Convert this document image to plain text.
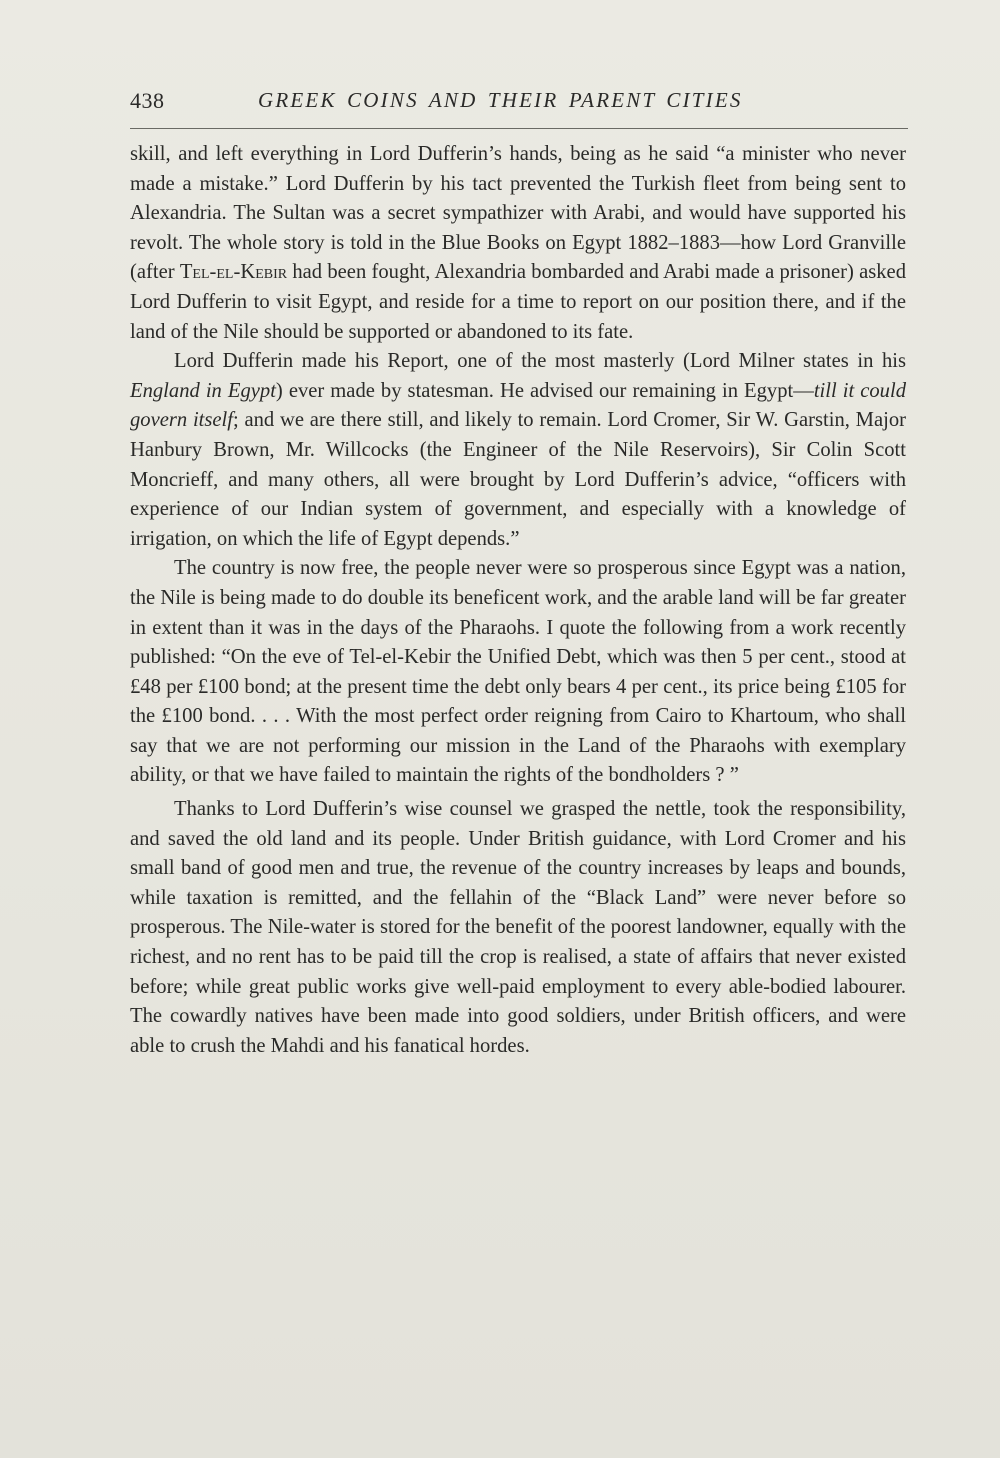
438	GREEK COINS AND THEIR PARENT CITIES

skill, and left everything in Lord Dufferin’s hands, being as he said “a minister who never made a mistake.” Lord Dufferin by his tact prevented the Turkish fleet from being sent to Alexandria. The Sultan was a secret sympathizer with Arabi, and would have supported his revolt. The whole story is told in the Blue Books on Egypt 1882–1883—how Lord Granville (after Tel-el-Kebir had been fought, Alexandria bombarded and Arabi made a prisoner) asked Lord Dufferin to visit Egypt, and reside for a time to report on our position there, and if the land of the Nile should be supported or abandoned to its fate.

Lord Dufferin made his Report, one of the most masterly (Lord Milner states in his England in Egypt) ever made by statesman. He advised our remaining in Egypt—till it could govern itself; and we are there still, and likely to remain. Lord Cromer, Sir W. Garstin, Major Hanbury Brown, Mr. Willcocks (the Engineer of the Nile Reservoirs), Sir Colin Scott Moncrieff, and many others, all were brought by Lord Dufferin’s advice, “officers with experience of our Indian system of government, and especially with a knowledge of irrigation, on which the life of Egypt depends.”

The country is now free, the people never were so prosperous since Egypt was a nation, the Nile is being made to do double its beneficent work, and the arable land will be far greater in extent than it was in the days of the Pharaohs. I quote the following from a work recently published: “On the eve of Tel-el-Kebir the Unified Debt, which was then 5 per cent., stood at £48 per £100 bond; at the present time the debt only bears 4 per cent., its price being £105 for the £100 bond. . . . With the most perfect order reigning from Cairo to Khartoum, who shall say that we are not performing our mission in the Land of the Pharaohs with exemplary ability, or that we have failed to maintain the rights of the bondholders ? ”

Thanks to Lord Dufferin’s wise counsel we grasped the nettle, took the responsibility, and saved the old land and its people. Under British guidance, with Lord Cromer and his small band of good men and true, the revenue of the country increases by leaps and bounds, while taxation is remitted, and the fellahin of the “Black Land” were never before so prosperous. The Nile-water is stored for the benefit of the poorest landowner, equally with the richest, and no rent has to be paid till the crop is realised, a state of affairs that never existed before; while great public works give well-paid employment to every able-bodied labourer. The cowardly natives have been made into good soldiers, under British officers, and were able to crush the Mahdi and his fanatical hordes.
